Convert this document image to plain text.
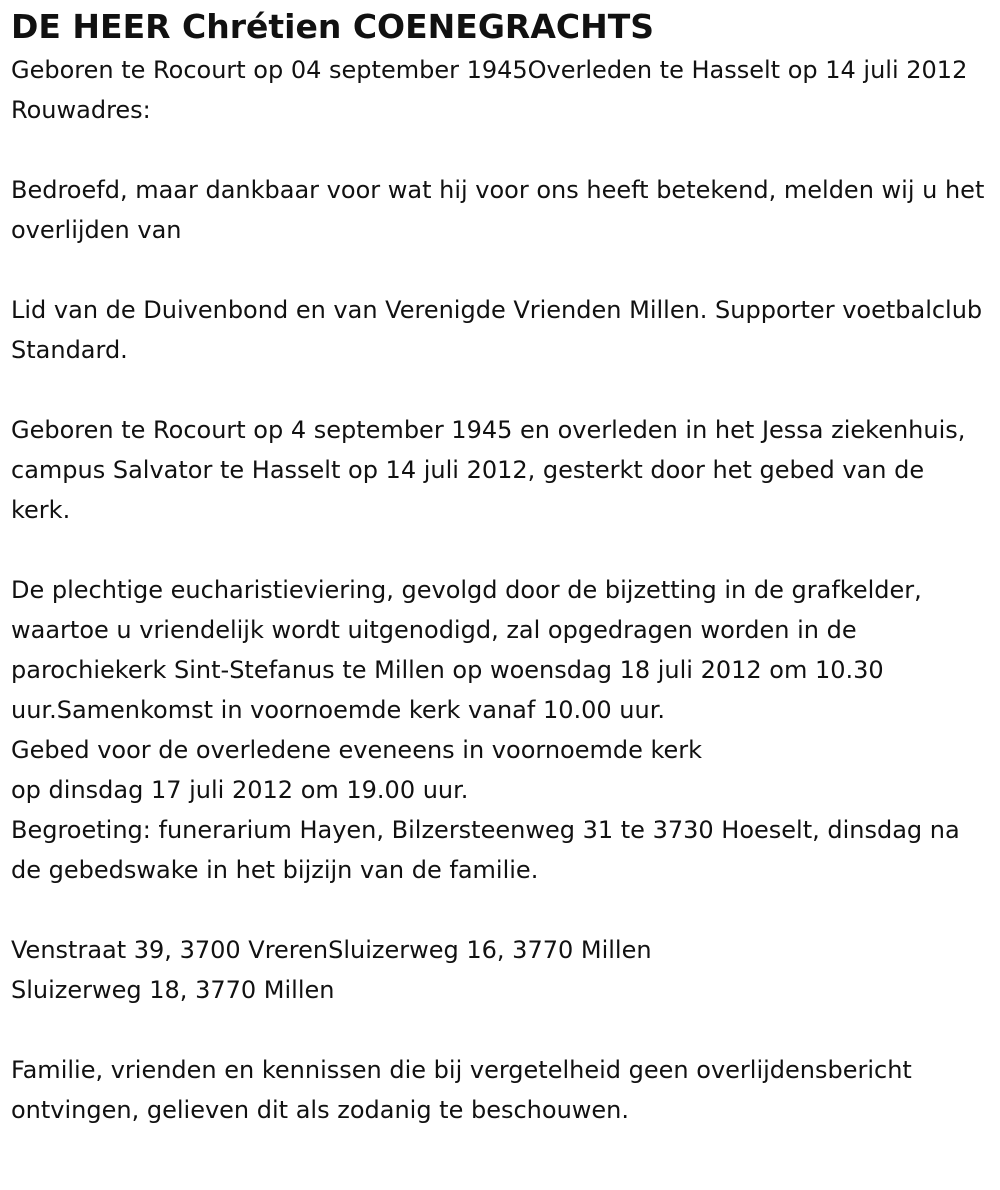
DE HEER Chrétien COENEGRACHTS

Geboren te Rocourt op 04 september 1945Overleden te Hasselt op 14 juli 2012

Rouwadres:

Bedroefd, maar dankbaar voor wat hij voor ons heeft betekend, melden wij u het overlijden van

Lid van de Duivenbond en van Verenigde Vrienden Millen. Supporter voetbalclub Standard.

Geboren te Rocourt op 4 september 1945 en overleden in het Jessa ziekenhuis, campus Salvator te Hasselt op 14 juli 2012, gesterkt door het gebed van de kerk.

De plechtige eucharistieviering, gevolgd door de bijzetting in de grafkelder, waartoe u vriendelijk wordt uitgenodigd, zal opgedragen worden in de parochiekerk Sint-Stefanus te Millen op woensdag 18 juli 2012 om 10.30 uur.Samenkomst in voornoemde kerk vanaf 10.00 uur.

Gebed voor de overledene eveneens in voornoemde kerk

op dinsdag 17 juli 2012 om 19.00 uur.

Begroeting: funerarium Hayen, Bilzersteenweg 31 te 3730 Hoeselt, dinsdag na de gebedswake in het bijzijn van de familie.

Venstraat 39, 3700 VrerenSluizerweg 16, 3770 Millen

Sluizerweg 18, 3770 Millen

Familie, vrienden en kennissen die bij vergetelheid geen overlijdensbericht ontvingen, gelieven dit als zodanig te beschouwen.
